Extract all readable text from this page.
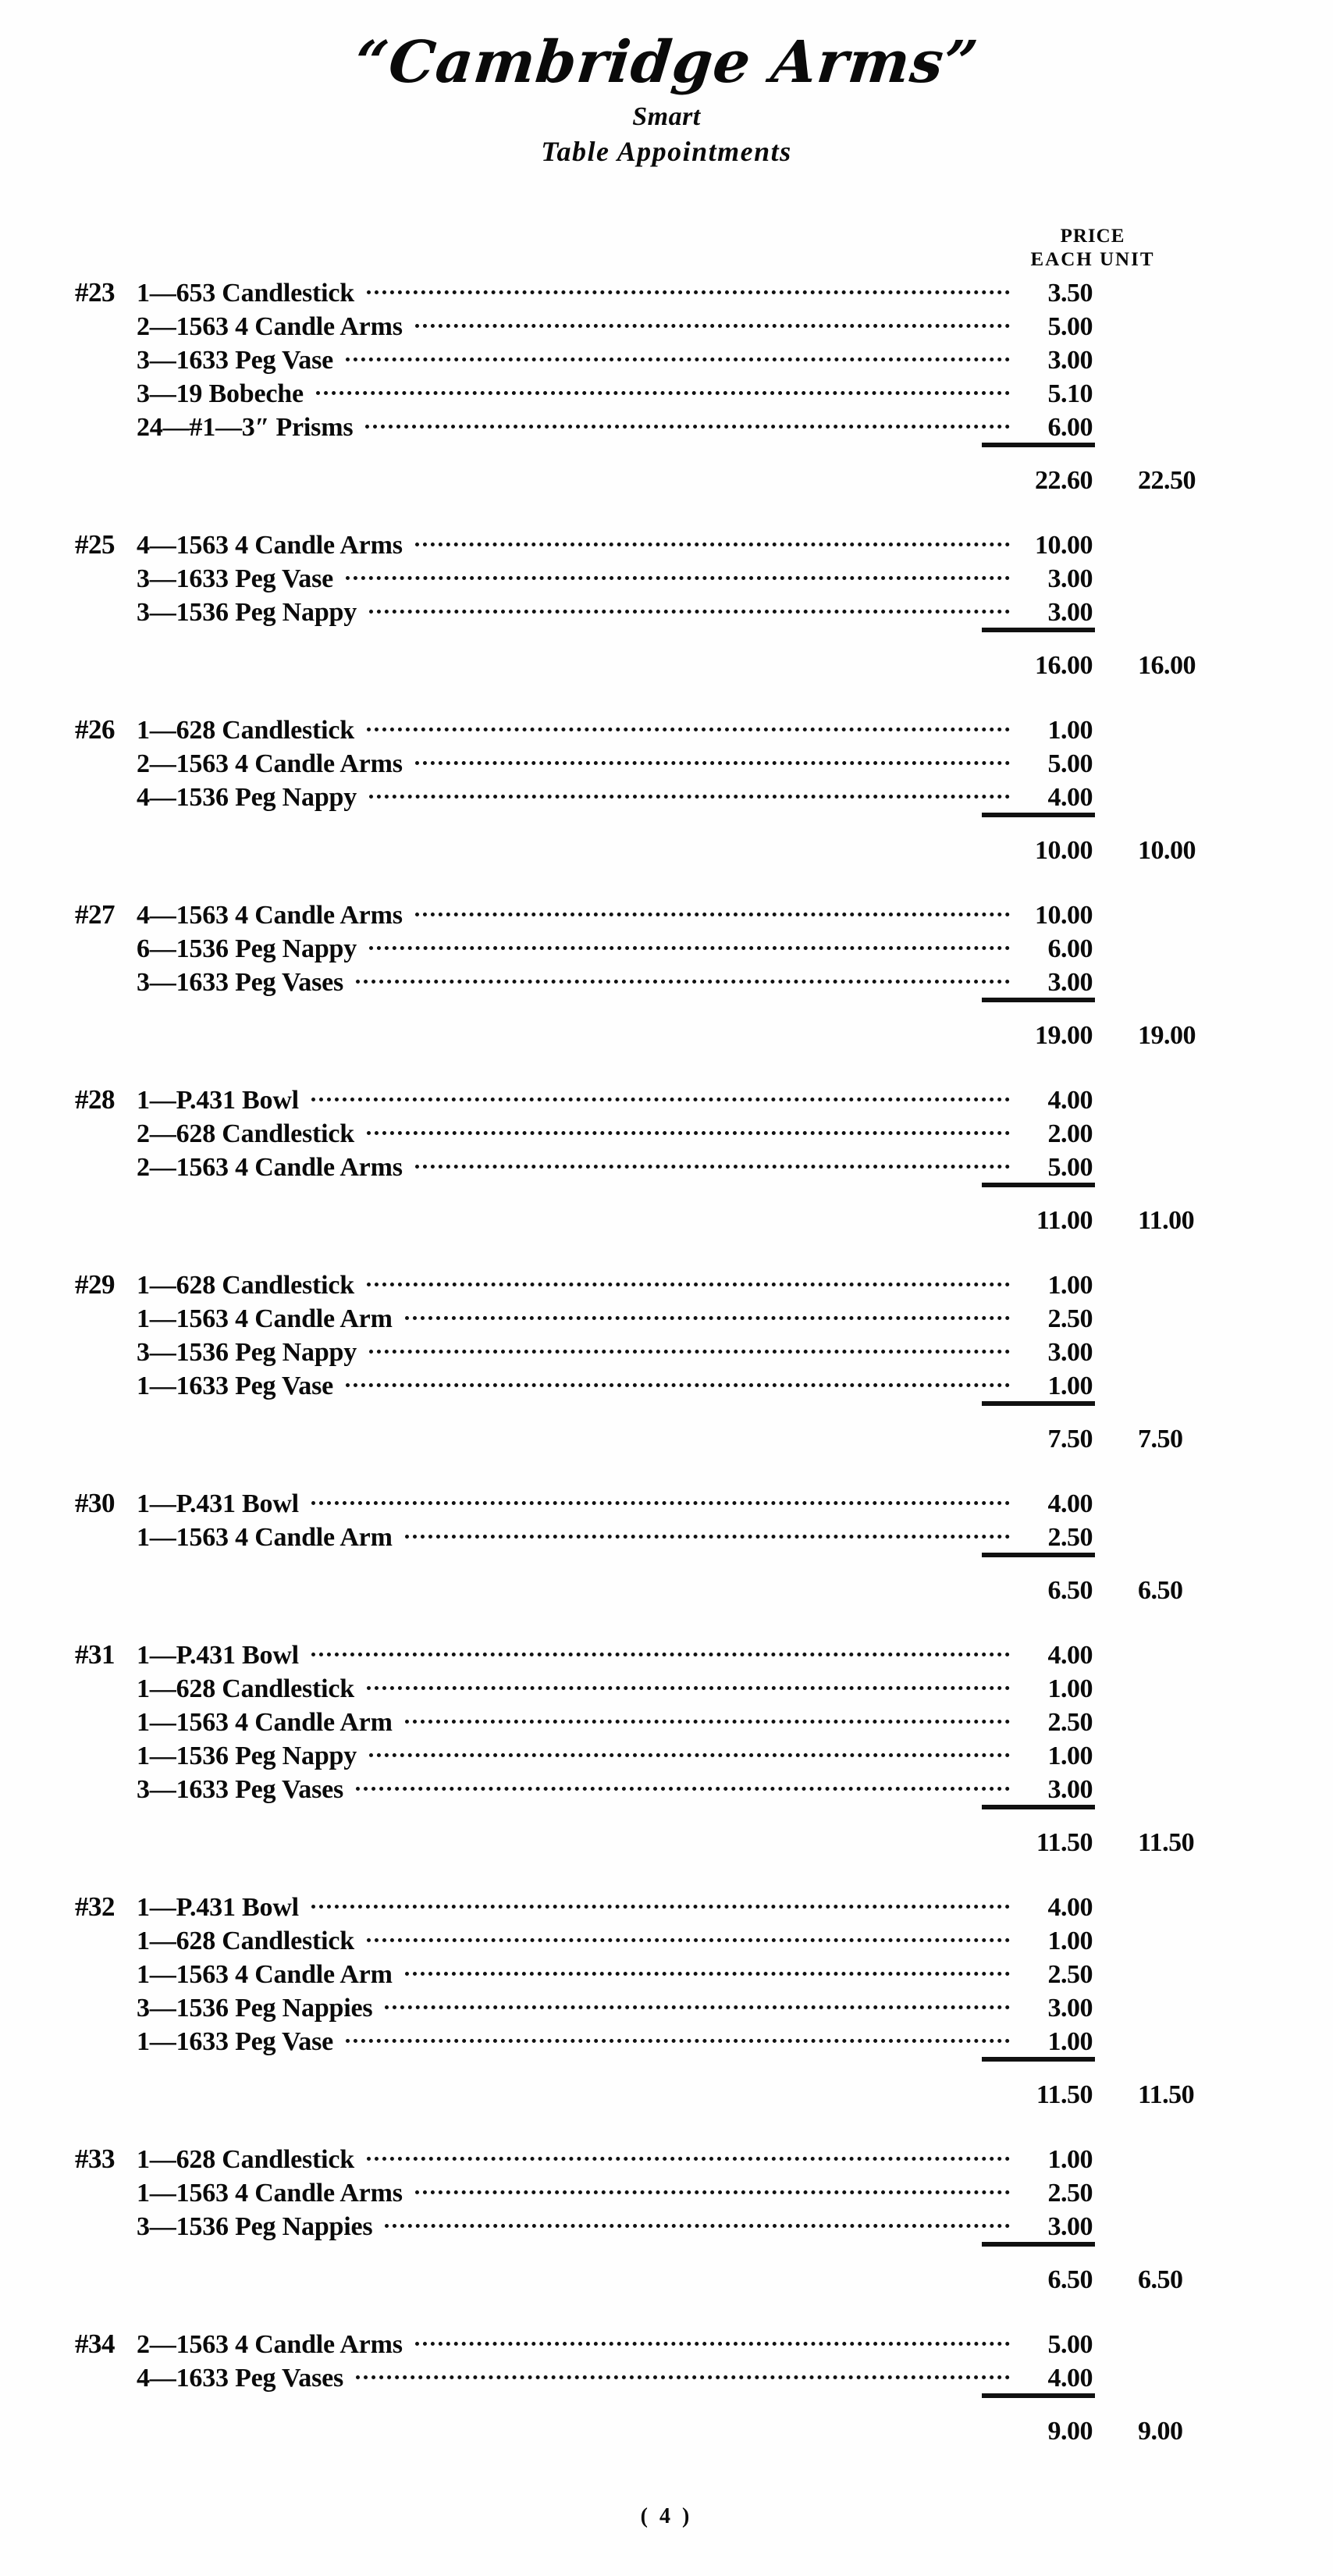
“Cambridge Arms”
Smart
Table Appointments
PRICE
EACH UNIT
#23 1—653 Candlestick	3.50
2—1563 4 Candle Arms	5.00
3—1633 Peg Vase	3.00
3—19 Bobeche	5.10
24—#1—3″ Prisms	6.00
22.60	22.50
#25 4—1563 4 Candle Arms	10.00
3—1633 Peg Vase	3.00
3—1536 Peg Nappy	3.00
16.00	16.00
#26 1—628 Candlestick	1.00
2—1563 4 Candle Arms	5.00
4—1536 Peg Nappy	4.00
10.00	10.00
#27 4—1563 4 Candle Arms	10.00
6—1536 Peg Nappy	6.00
3—1633 Peg Vases	3.00
19.00	19.00
#28 1—P.431 Bowl	4.00
2—628 Candlestick	2.00
2—1563 4 Candle Arms	5.00
11.00	11.00
#29 1—628 Candlestick	1.00
1—1563 4 Candle Arm	2.50
3—1536 Peg Nappy	3.00
1—1633 Peg Vase	1.00
7.50	7.50
#30 1—P.431 Bowl	4.00
1—1563 4 Candle Arm	2.50
6.50	6.50
#31 1—P.431 Bowl	4.00
1—628 Candlestick	1.00
1—1563 4 Candle Arm	2.50
1—1536 Peg Nappy	1.00
3—1633 Peg Vases	3.00
11.50	11.50
#32 1—P.431 Bowl	4.00
1—628 Candlestick	1.00
1—1563 4 Candle Arm	2.50
3—1536 Peg Nappies	3.00
1—1633 Peg Vase	1.00
11.50	11.50
#33 1—628 Candlestick	1.00
1—1563 4 Candle Arms	2.50
3—1536 Peg Nappies	3.00
6.50	6.50
#34 2—1563 4 Candle Arms	5.00
4—1633 Peg Vases	4.00
9.00	9.00
( 4 )
